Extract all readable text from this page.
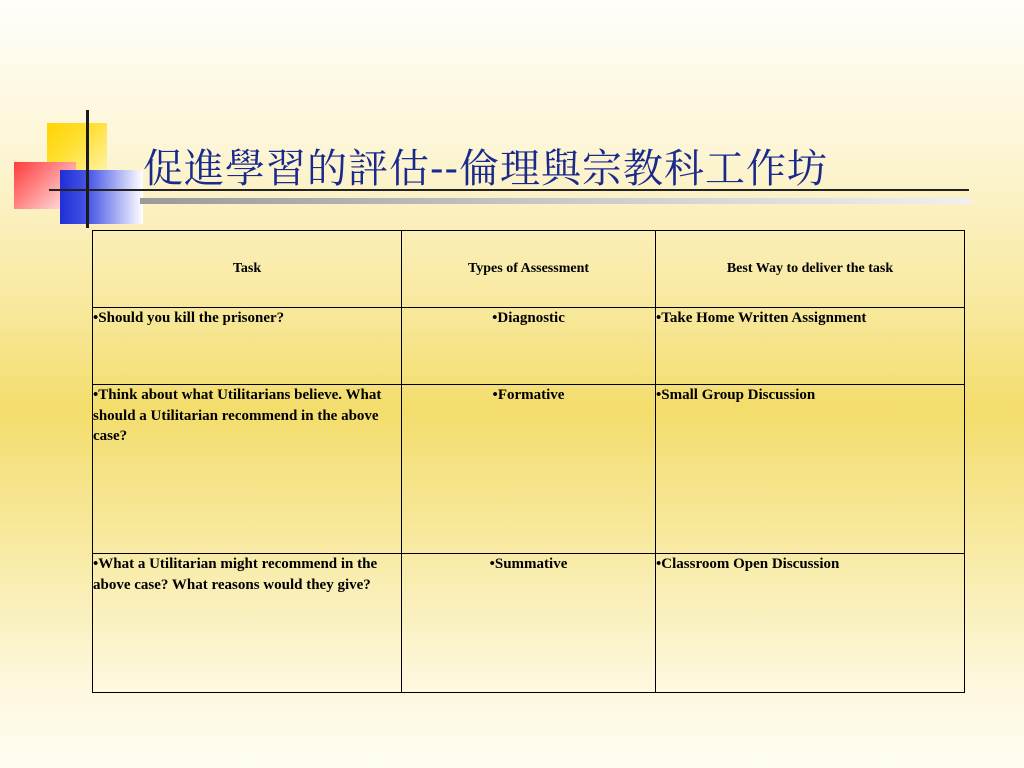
促進學習的評估--倫理與宗教科工作坊
Task	Types of Assessment	Best Way to deliver the task
•Should you kill the prisoner?	•Diagnostic	•Take Home Written Assignment
•Think about what Utilitarians believe. What should a Utilitarian recommend in the above case?	•Formative	•Small Group Discussion
•What a Utilitarian might recommend in the above case? What reasons would they give?	•Summative	•Classroom Open Discussion
